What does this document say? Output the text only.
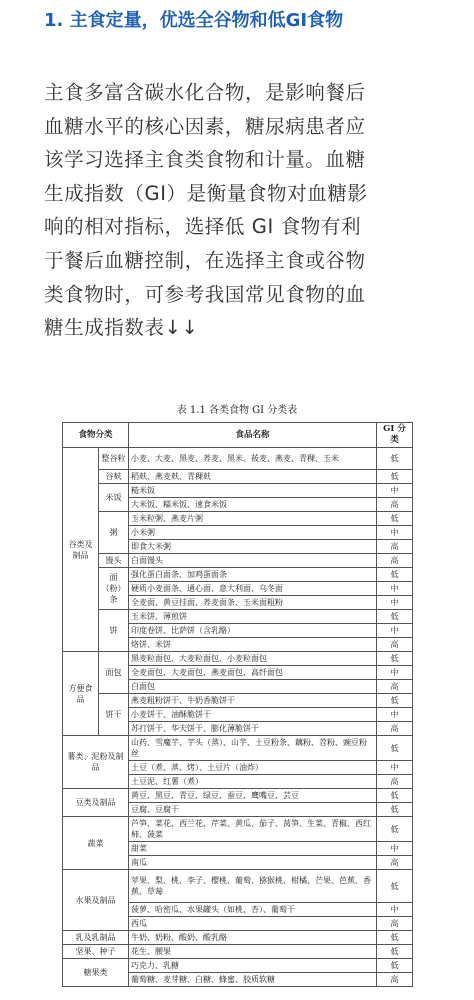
1. 主食定量，优选全谷物和低GI食物
主食多富含碳水化合物，是影响餐后
血糖水平的核心因素，糖尿病患者应
该学习选择主食类食物和计量。血糖
生成指数（GI）是衡量食物对血糖影
响的相对指标，选择低 GI 食物有利
于餐后血糖控制，在选择主食或谷物
类食物时，可参考我国常见食物的血
糖生成指数表↓↓
表 1.1 各类食物 GI 分类表
食物分类		食品名称	GI 分类
谷类及制品	整谷粒	小麦、大麦、黑麦、荞麦、黑米、莜麦、燕麦、青稞、玉米	低
	谷麸	稻麸、燕麦麸、青稞麸	低
	米饭	糙米饭	中
		大米饭、糯米饭、速食米饭	高
	粥	玉米粒粥、燕麦片粥	低
		小米粥	中
		即食大米粥	高
	馒头	白面馒头	高
	面（粉）条	强化蛋白面条、加鸡蛋面条	低
		硬质小麦面条、通心面、意大利面、乌冬面	中
		全麦面、黄豆挂面、荞麦面条、玉米面粗粉	中
	饼	玉米饼、薄煎饼	低
		印度卷饼、比萨饼（含乳酪）	中
		烙饼、米饼	高
方便食品	面包	黑麦粒面包、大麦粒面包、小麦粒面包	低
		全麦面包、大麦面包、燕麦面包、高纤面包	中
		白面包	高
	饼干	燕麦粗粉饼干、牛奶香脆饼干	低
		小麦饼干、油酥脆饼干	中
		苏打饼干、华夫饼干、膨化薄脆饼干	高
薯类、泥粉及制品		山药、雪魔芋、芋头（蒸）、山芋、土豆粉条、藕粉、苕粉、豌豆粉丝	低
		土豆（煮、蒸、烤）、土豆片（油炸）	中
		土豆泥、红薯（煮）	高
豆类及制品		黄豆、黑豆、青豆、绿豆、蚕豆、鹰嘴豆、芸豆	低
		豆腐、豆腐干	低
蔬菜		芦笋、菜花、西兰花、芹菜、黄瓜、茄子、莴笋、生菜、青椒、西红柿、菠菜	低
		甜菜	中
		南瓜	高
水果及制品		苹果、梨、桃、李子、樱桃、葡萄、猕猴桃、柑橘、芒果、芭蕉、香蕉、草莓	低
		菠萝、哈密瓜、水果罐头（如桃、杏）、葡萄干	中
		西瓜	高
乳及乳制品		牛奶、奶粉、酸奶、酸乳酪	低
坚果、种子		花生、腰果	低
糖果类		巧克力、乳糖	低
		葡萄糖、麦芽糖、白糖、蜂蜜、胶质软糖	高
